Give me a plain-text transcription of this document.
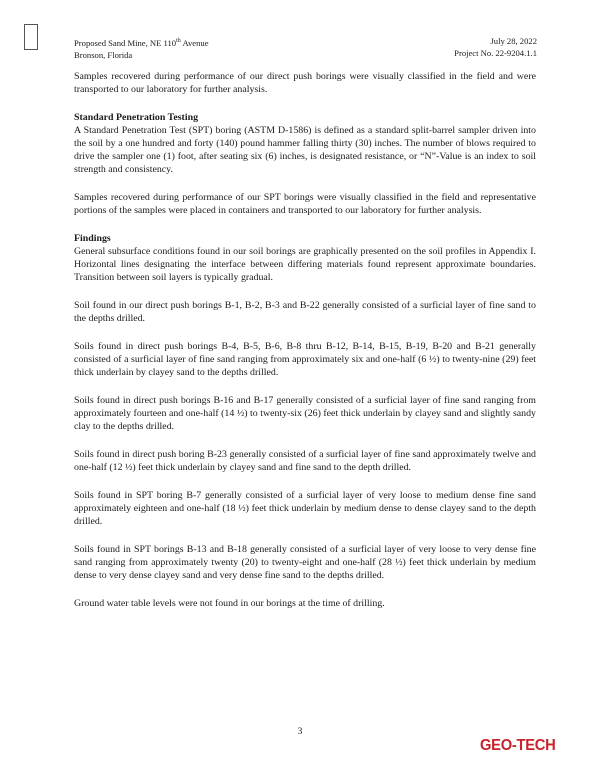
Proposed Sand Mine, NE 110th Avenue
Bronson, Florida
July 28, 2022
Project No. 22-9204.1.1

Samples recovered during performance of our direct push borings were visually classified in the field and were transported to our laboratory for further analysis.

Standard Penetration Testing

A Standard Penetration Test (SPT) boring (ASTM D-1586) is defined as a standard split-barrel sampler driven into the soil by a one hundred and forty (140) pound hammer falling thirty (30) inches. The number of blows required to drive the sampler one (1) foot, after seating six (6) inches, is designated resistance, or “N”-Value is an index to soil strength and consistency.

Samples recovered during performance of our SPT borings were visually classified in the field and representative portions of the samples were placed in containers and transported to our laboratory for further analysis.

Findings

General subsurface conditions found in our soil borings are graphically presented on the soil profiles in Appendix I. Horizontal lines designating the interface between differing materials found represent approximate boundaries. Transition between soil layers is typically gradual.

Soil found in our direct push borings B-1, B-2, B-3 and B-22 generally consisted of a surficial layer of fine sand to the depths drilled.

Soils found in direct push borings B-4, B-5, B-6, B-8 thru B-12, B-14, B-15, B-19, B-20 and B-21 generally consisted of a surficial layer of fine sand ranging from approximately six and one-half (6 ½) to twenty-nine (29) feet thick underlain by clayey sand to the depths drilled.

Soils found in direct push borings B-16 and B-17 generally consisted of a surficial layer of fine sand ranging from approximately fourteen and one-half (14 ½) to twenty-six (26) feet thick underlain by clayey sand and slightly sandy clay to the depths drilled.

Soils found in direct push boring B-23 generally consisted of a surficial layer of fine sand approximately twelve and one-half (12 ½) feet thick underlain by clayey sand and fine sand to the depth drilled.

Soils found in SPT boring B-7 generally consisted of a surficial layer of very loose to medium dense fine sand approximately eighteen and one-half (18 ½) feet thick underlain by medium dense to dense clayey sand to the depth drilled.

Soils found in SPT borings B-13 and B-18 generally consisted of a surficial layer of very loose to very dense fine sand ranging from approximately twenty (20) to twenty-eight and one-half (28 ½) feet thick underlain by medium dense to very dense clayey sand and very dense fine sand to the depths drilled.

Ground water table levels were not found in our borings at the time of drilling.

3
GEO-TECH
